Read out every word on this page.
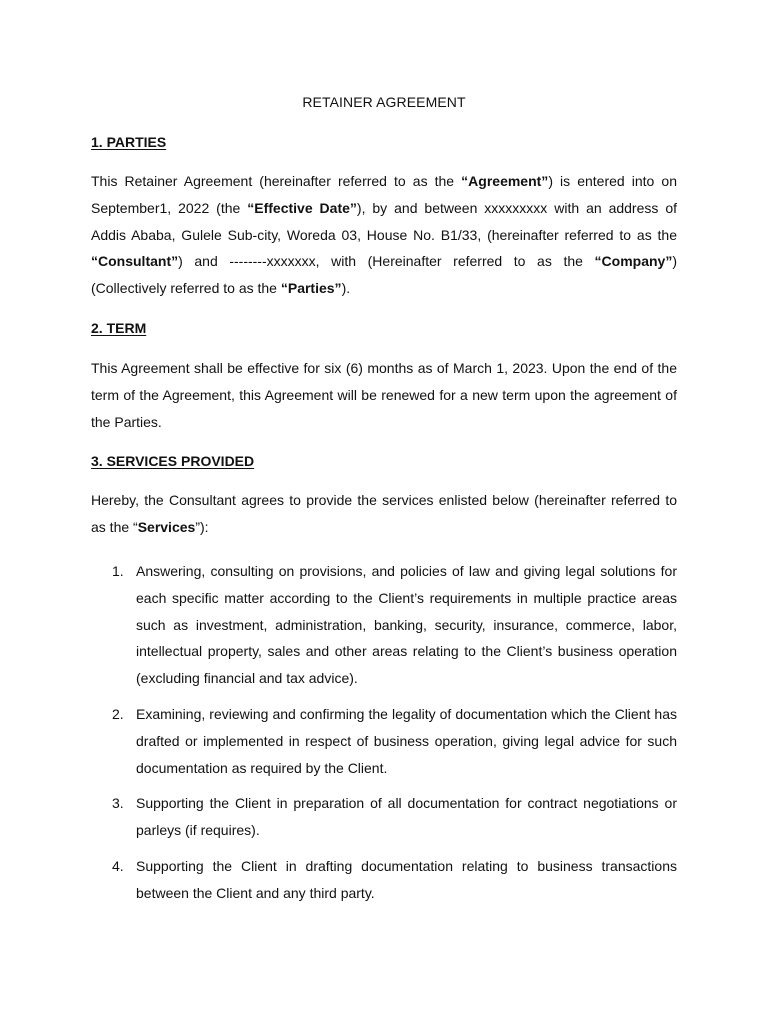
RETAINER AGREEMENT
1. PARTIES
This Retainer Agreement (hereinafter referred to as the “Agreement”) is entered into on September1, 2022 (the “Effective Date”), by and between xxxxxxxxx with an address of Addis Ababa, Gulele Sub-city, Woreda 03, House No. B1/33, (hereinafter referred to as the “Consultant”) and --------xxxxxxx, with (Hereinafter referred to as the “Company”) (Collectively referred to as the “Parties”).
2. TERM
This Agreement shall be effective for six (6) months as of March 1, 2023. Upon the end of the term of the Agreement, this Agreement will be renewed for a new term upon the agreement of the Parties.
3. SERVICES PROVIDED
Hereby, the Consultant agrees to provide the services enlisted below (hereinafter referred to as the “Services”):
1. Answering, consulting on provisions, and policies of law and giving legal solutions for each specific matter according to the Client’s requirements in multiple practice areas such as investment, administration, banking, security, insurance, commerce, labor, intellectual property, sales and other areas relating to the Client’s business operation (excluding financial and tax advice).
2. Examining, reviewing and confirming the legality of documentation which the Client has drafted or implemented in respect of business operation, giving legal advice for such documentation as required by the Client.
3. Supporting the Client in preparation of all documentation for contract negotiations or parleys (if requires).
4. Supporting the Client in drafting documentation relating to business transactions between the Client and any third party.
